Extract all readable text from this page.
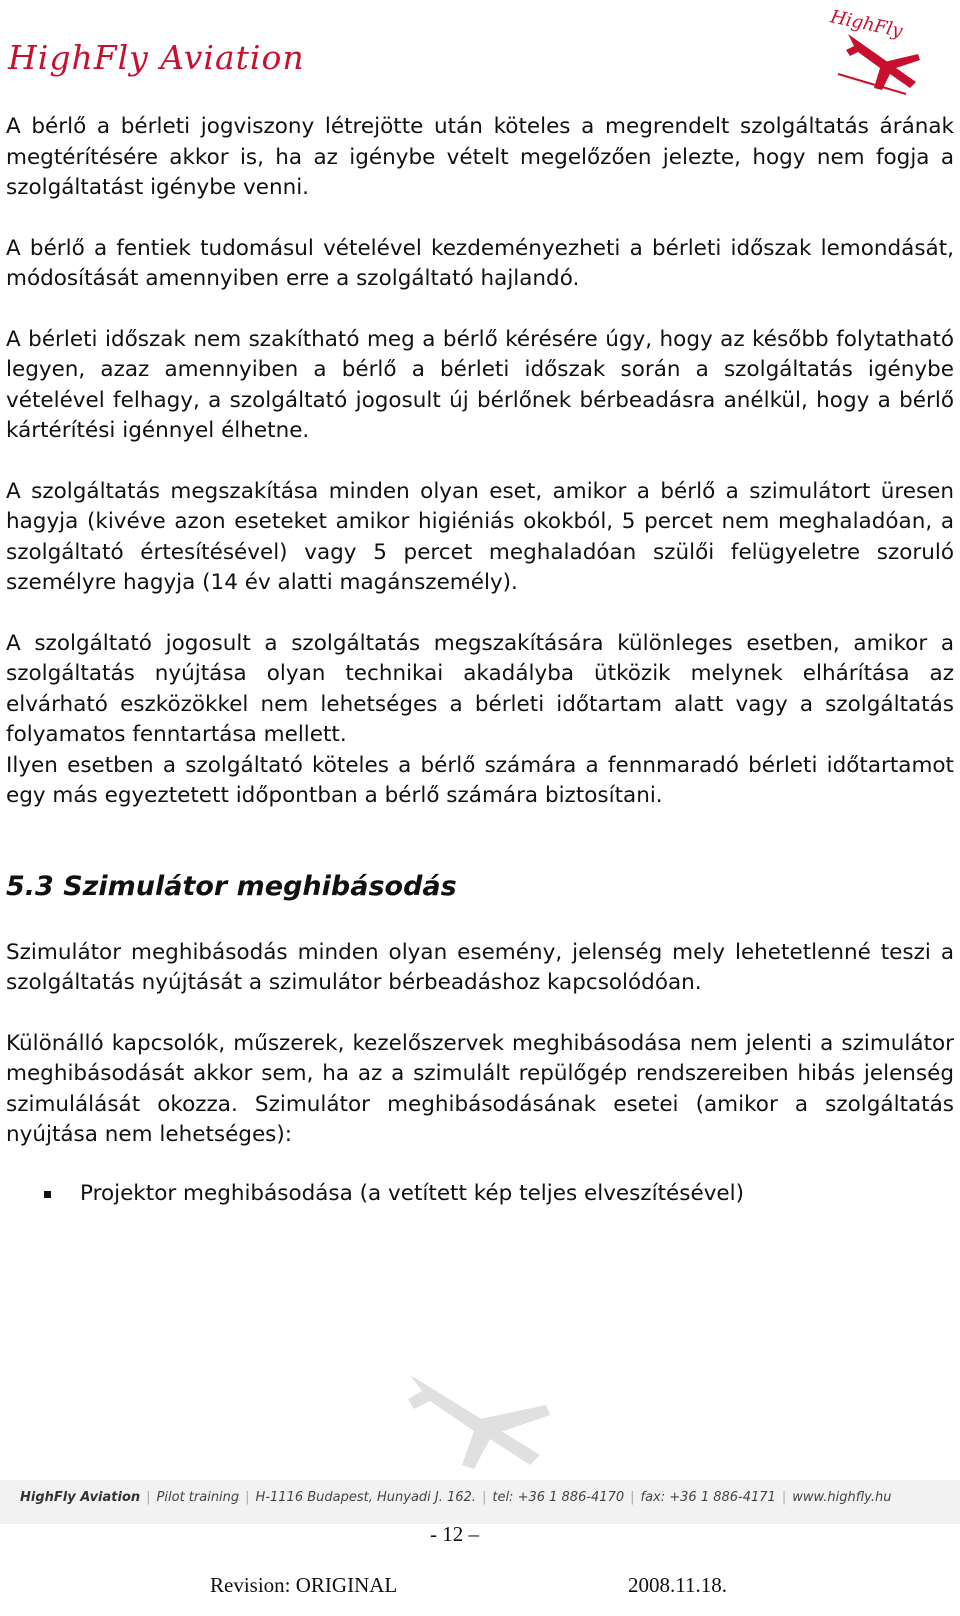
HighFly Aviation
HighFly

A bérlő a bérleti jogviszony létrejötte után köteles a megrendelt szolgáltatás árának megtérítésére akkor is, ha az igénybe vételt megelőzően jelezte, hogy nem fogja a szolgáltatást igénybe venni.

A bérlő a fentiek tudomásul vételével kezdeményezheti a bérleti időszak lemondását, módosítását amennyiben erre a szolgáltató hajlandó.

A bérleti időszak nem szakítható meg a bérlő kérésére úgy, hogy az később folytatható legyen, azaz amennyiben a bérlő a bérleti időszak során a szolgáltatás igénybe vételével felhagy, a szolgáltató jogosult új bérlőnek bérbeadásra anélkül, hogy a bérlő kártérítési igénnyel élhetne.

A szolgáltatás megszakítása minden olyan eset, amikor a bérlő a szimulátort üresen hagyja (kivéve azon eseteket amikor higiéniás okokból, 5 percet nem meghaladóan, a szolgáltató értesítésével) vagy 5 percet meghaladóan szülői felügyeletre szoruló személyre hagyja (14 év alatti magánszemély).

A szolgáltató jogosult a szolgáltatás megszakítására különleges esetben, amikor a szolgáltatás nyújtása olyan technikai akadályba ütközik melynek elhárítása az elvárható eszközökkel nem lehetséges a bérleti időtartam alatt vagy a szolgáltatás folyamatos fenntartása mellett.

Ilyen esetben a szolgáltató köteles a bérlő számára a fennmaradó bérleti időtartamot egy más egyeztetett időpontban a bérlő számára biztosítani.

5.3 Szimulátor meghibásodás

Szimulátor meghibásodás minden olyan esemény, jelenség mely lehetetlenné teszi a szolgáltatás nyújtását a szimulátor bérbeadáshoz kapcsolódóan.

Különálló kapcsolók, műszerek, kezelőszervek meghibásodása nem jelenti a szimulátor meghibásodását akkor sem, ha az a szimulált repülőgép rendszereiben hibás jelenség szimulálását okozza. Szimulátor meghibásodásának esetei (amikor a szolgáltatás nyújtása nem lehetséges):

Projektor meghibásodása (a vetített kép teljes elveszítésével)
HighFly Aviation | Pilot training | H-1116 Budapest, Hunyadi J. 162. | tel: +36 1 886-4170 | fax: +36 1 886-4171 | www.highfly.hu
- 12 –
Revision: ORIGINAL	2008.11.18.
